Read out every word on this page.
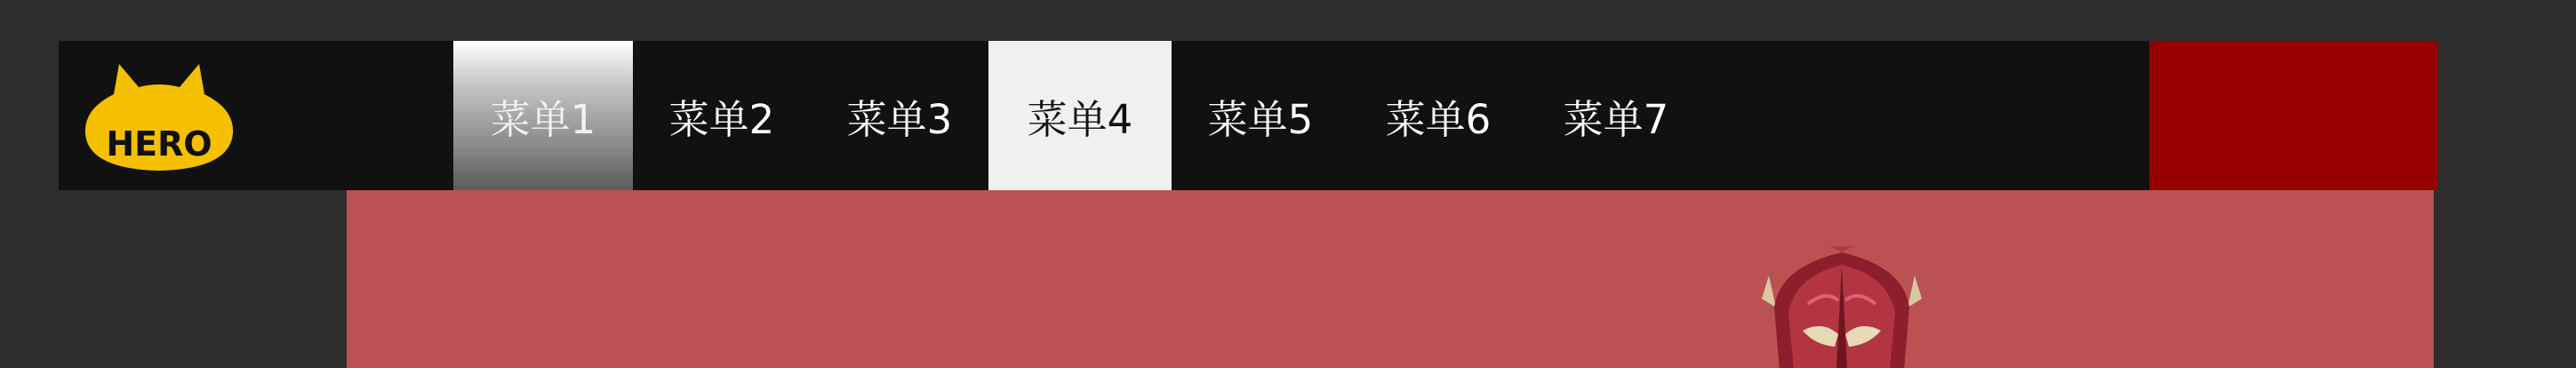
HERO
菜单1	菜单2	菜单3	菜单4	菜单5	菜单6	菜单7
